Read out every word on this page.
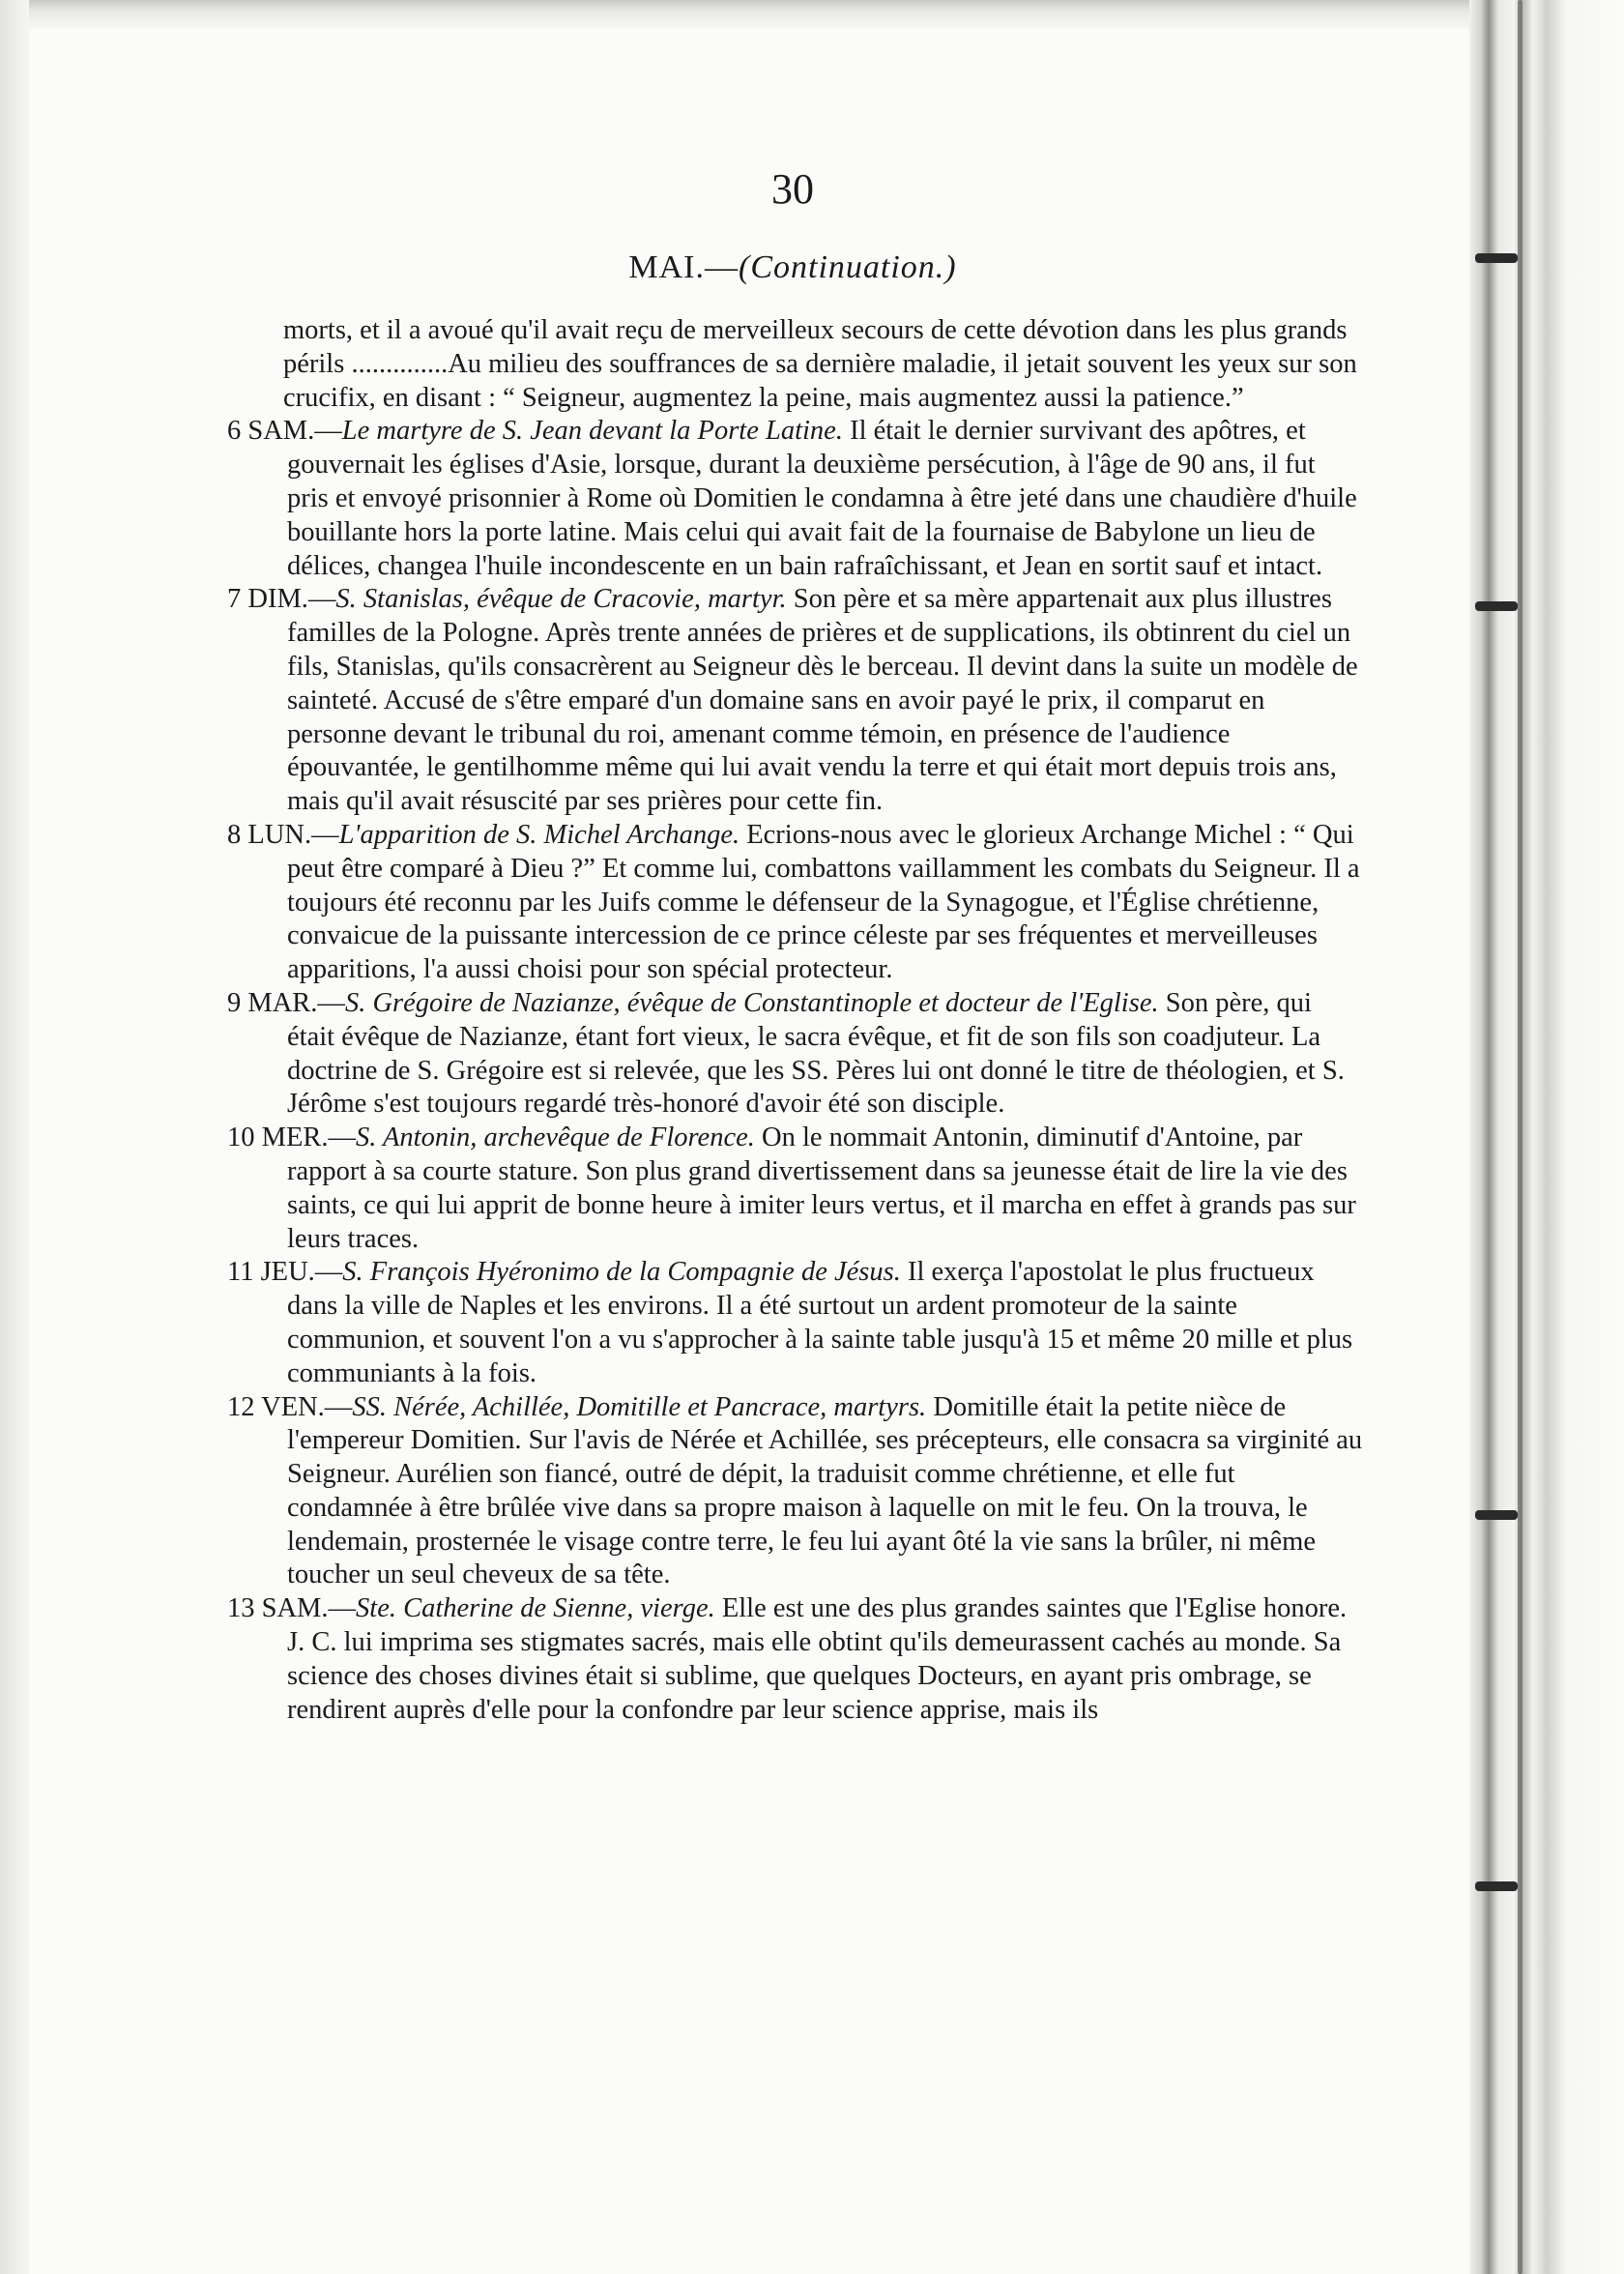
30
MAI.—(Continuation.)

morts, et il a avoué qu'il avait reçu de merveilleux secours de cette dévotion dans les plus grands périls ..............Au milieu des souffrances de sa dernière maladie, il jetait souvent les yeux sur son crucifix, en disant : “ Seigneur, augmentez la peine, mais augmentez aussi la patience.”

6 SAM.—Le martyre de S. Jean devant la Porte Latine. Il était le dernier survivant des apôtres, et gouvernait les églises d'Asie, lorsque, durant la deuxième persécution, à l'âge de 90 ans, il fut pris et envoyé prisonnier à Rome où Domitien le condamna à être jeté dans une chaudière d'huile bouillante hors la porte latine. Mais celui qui avait fait de la fournaise de Babylone un lieu de délices, changea l'huile incondescente en un bain rafraîchissant, et Jean en sortit sauf et intact.

7 DIM.—S. Stanislas, évêque de Cracovie, martyr. Son père et sa mère appartenait aux plus illustres familles de la Pologne. Après trente années de prières et de supplications, ils obtinrent du ciel un fils, Stanislas, qu'ils consacrèrent au Seigneur dès le berceau. Il devint dans la suite un modèle de sainteté. Accusé de s'être emparé d'un domaine sans en avoir payé le prix, il comparut en personne devant le tribunal du roi, amenant comme témoin, en présence de l'audience épouvantée, le gentilhomme même qui lui avait vendu la terre et qui était mort depuis trois ans, mais qu'il avait résuscité par ses prières pour cette fin.

8 LUN.—L'apparition de S. Michel Archange. Ecrions-nous avec le glorieux Archange Michel : “ Qui peut être comparé à Dieu ?” Et comme lui, combattons vaillamment les combats du Seigneur. Il a toujours été reconnu par les Juifs comme le défenseur de la Synagogue, et l'Église chrétienne, convaicue de la puissante intercession de ce prince céleste par ses fréquentes et merveilleuses apparitions, l'a aussi choisi pour son spécial protecteur.

9 MAR.—S. Grégoire de Nazianze, évêque de Constantinople et docteur de l'Eglise. Son père, qui était évêque de Nazianze, étant fort vieux, le sacra évêque, et fit de son fils son coadjuteur. La doctrine de S. Grégoire est si relevée, que les SS. Pères lui ont donné le titre de théologien, et S. Jérôme s'est toujours regardé très-honoré d'avoir été son disciple.

10 MER.—S. Antonin, archevêque de Florence. On le nommait Antonin, diminutif d'Antoine, par rapport à sa courte stature. Son plus grand divertissement dans sa jeunesse était de lire la vie des saints, ce qui lui apprit de bonne heure à imiter leurs vertus, et il marcha en effet à grands pas sur leurs traces.

11 JEU.—S. François Hyéronimo de la Compagnie de Jésus. Il exerça l'apostolat le plus fructueux dans la ville de Naples et les environs. Il a été surtout un ardent promoteur de la sainte communion, et souvent l'on a vu s'approcher à la sainte table jusqu'à 15 et même 20 mille et plus communiants à la fois.

12 VEN.—SS. Nérée, Achillée, Domitille et Pancrace, martyrs. Domitille était la petite nièce de l'empereur Domitien. Sur l'avis de Nérée et Achillée, ses précepteurs, elle consacra sa virginité au Seigneur. Aurélien son fiancé, outré de dépit, la traduisit comme chrétienne, et elle fut condamnée à être brûlée vive dans sa propre maison à laquelle on mit le feu. On la trouva, le lendemain, prosternée le visage contre terre, le feu lui ayant ôté la vie sans la brûler, ni même toucher un seul cheveux de sa tête.

13 SAM.—Ste. Catherine de Sienne, vierge. Elle est une des plus grandes saintes que l'Eglise honore. J. C. lui imprima ses stigmates sacrés, mais elle obtint qu'ils demeurassent cachés au monde. Sa science des choses divines était si sublime, que quelques Docteurs, en ayant pris ombrage, se rendirent auprès d'elle pour la confondre par leur science apprise, mais ils
